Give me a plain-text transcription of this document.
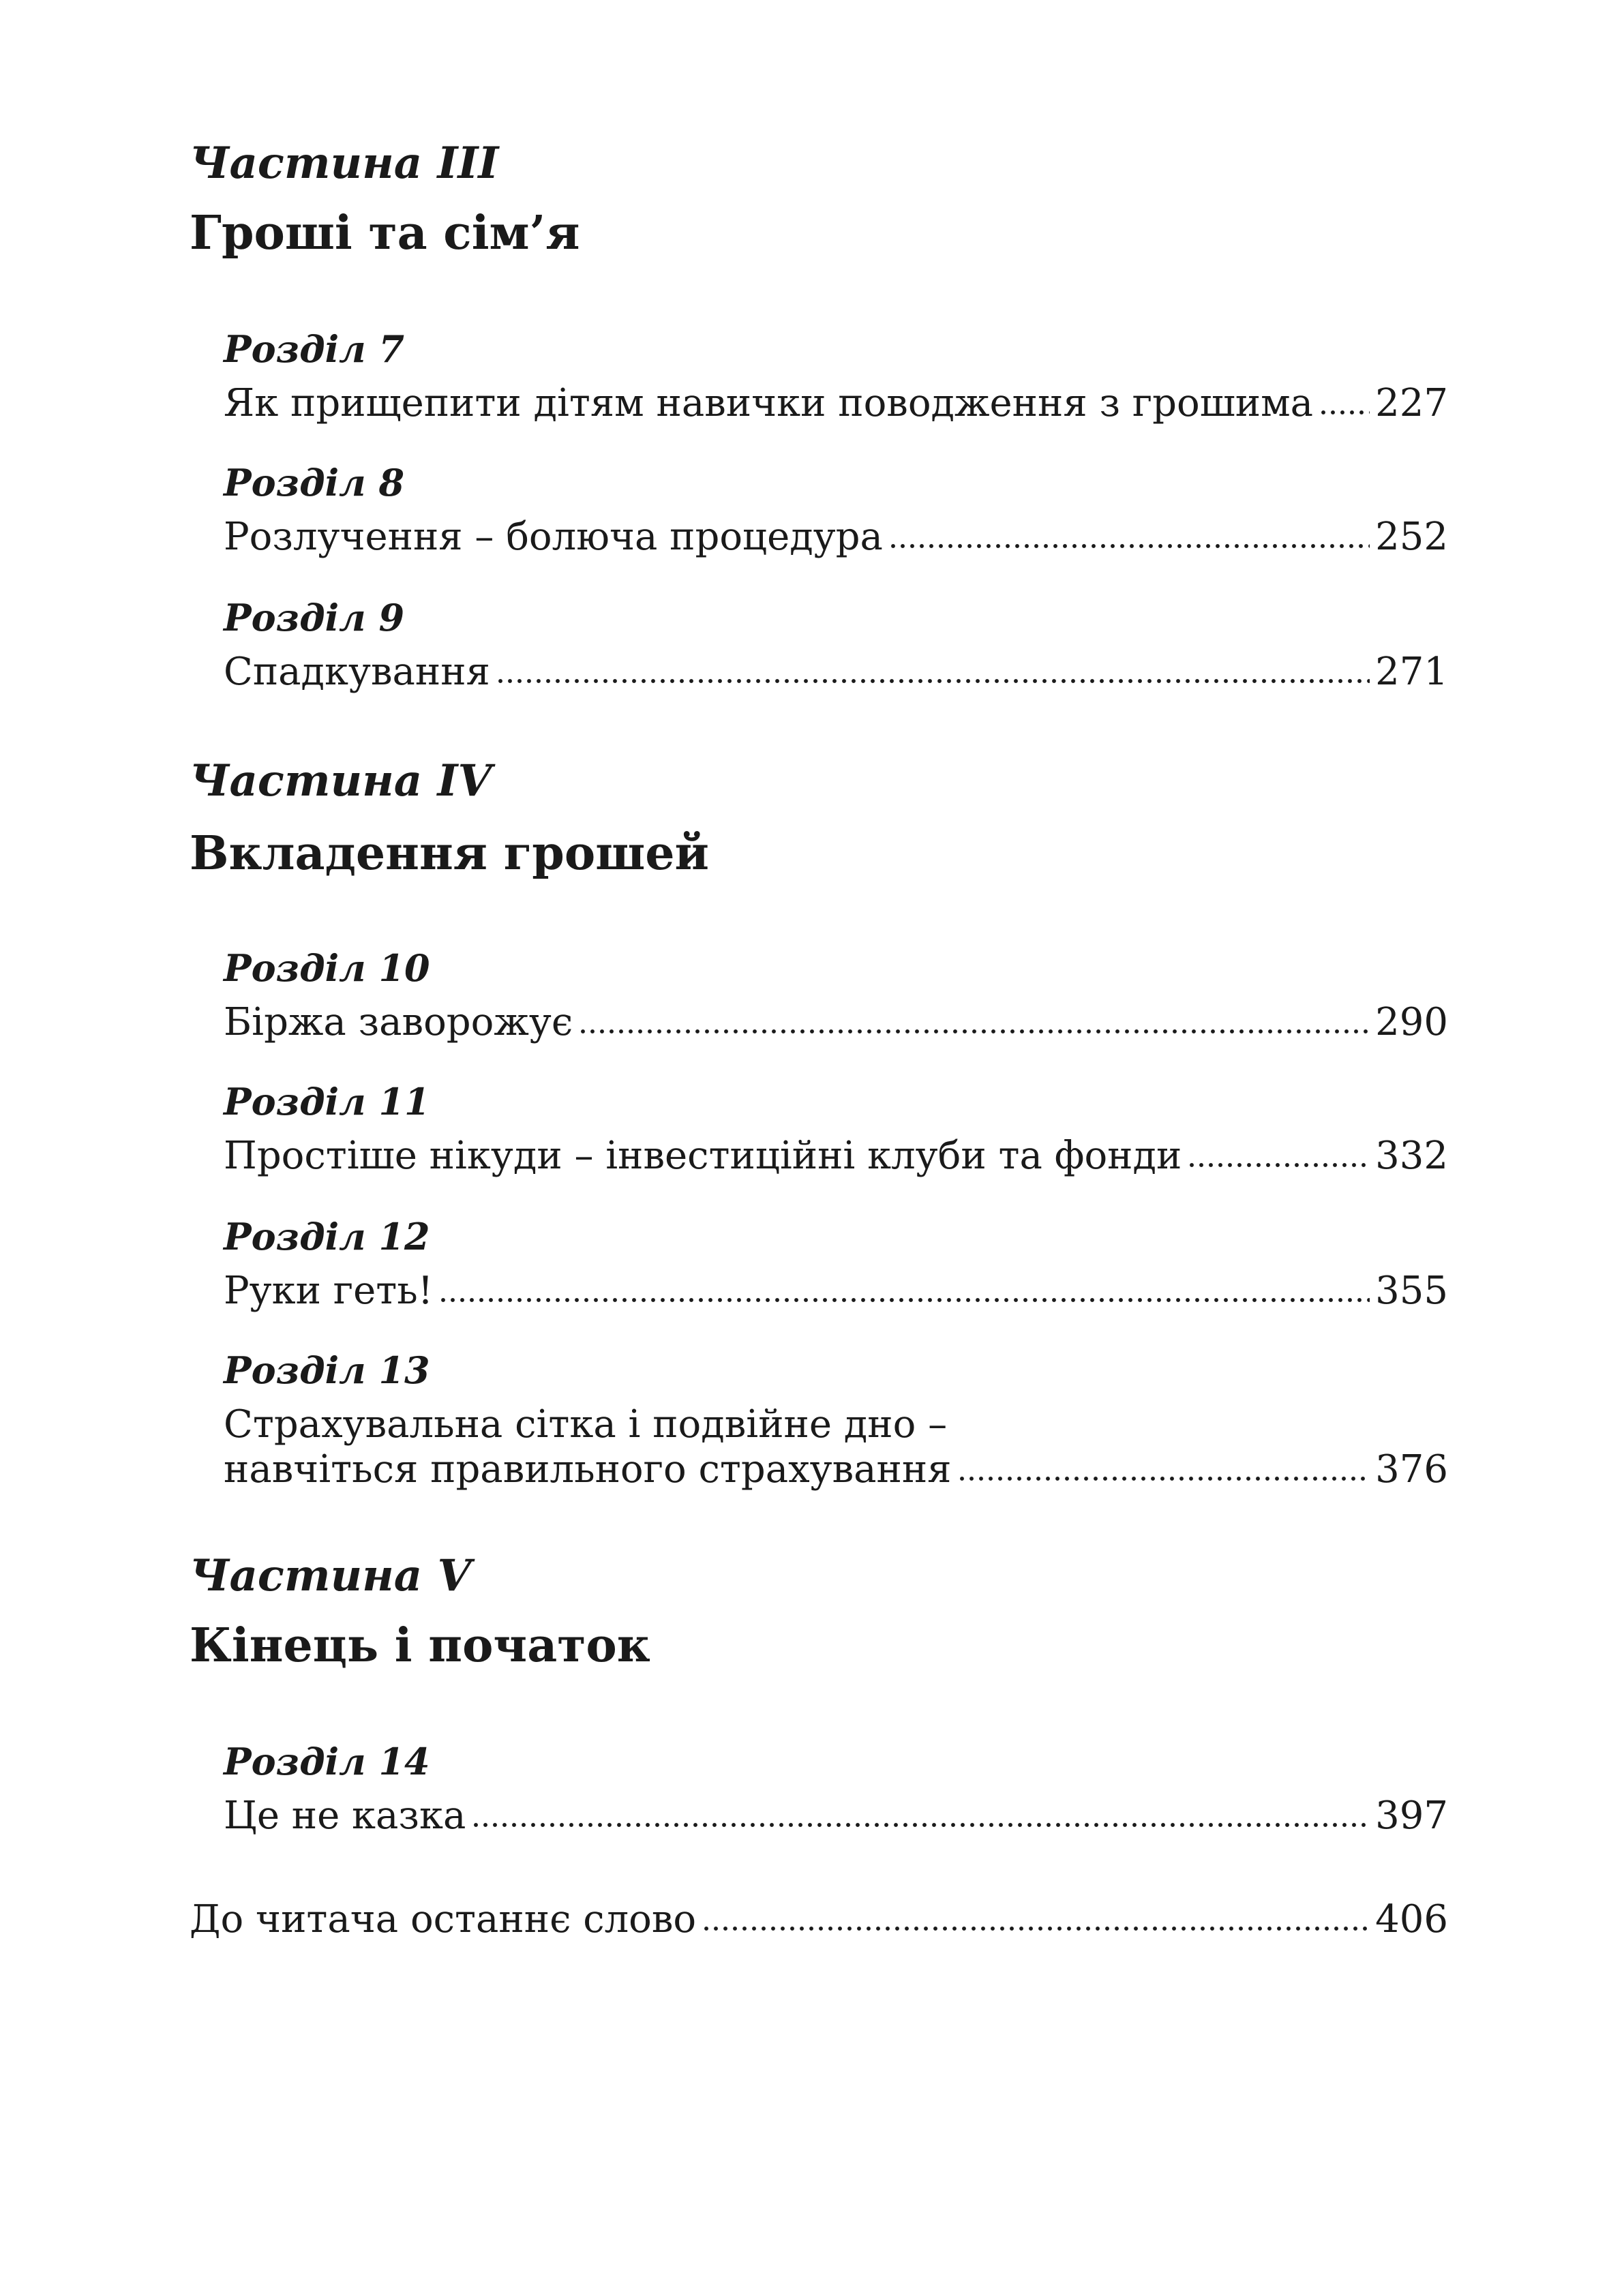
Частина III
Гроші та сім’я
Розділ 7
Як прищепити дітям навички поводження з грошима 227
Розділ 8
Розлучення – болюча процедура	252
Розділ 9
Спадкування	271
Частина IV
Вкладення грошей
Розділ 10
Біржа заворожує	290
Розділ 11
Простіше нікуди – інвестиційні клуби та фонди	332
Розділ 12
Руки геть!	355
Розділ 13
Страхувальна сітка і подвійне дно –
навчіться правильного страхування	376
Частина V
Кінець і початок
Розділ 14
Це не казка	397
До читача останнє слово	406
